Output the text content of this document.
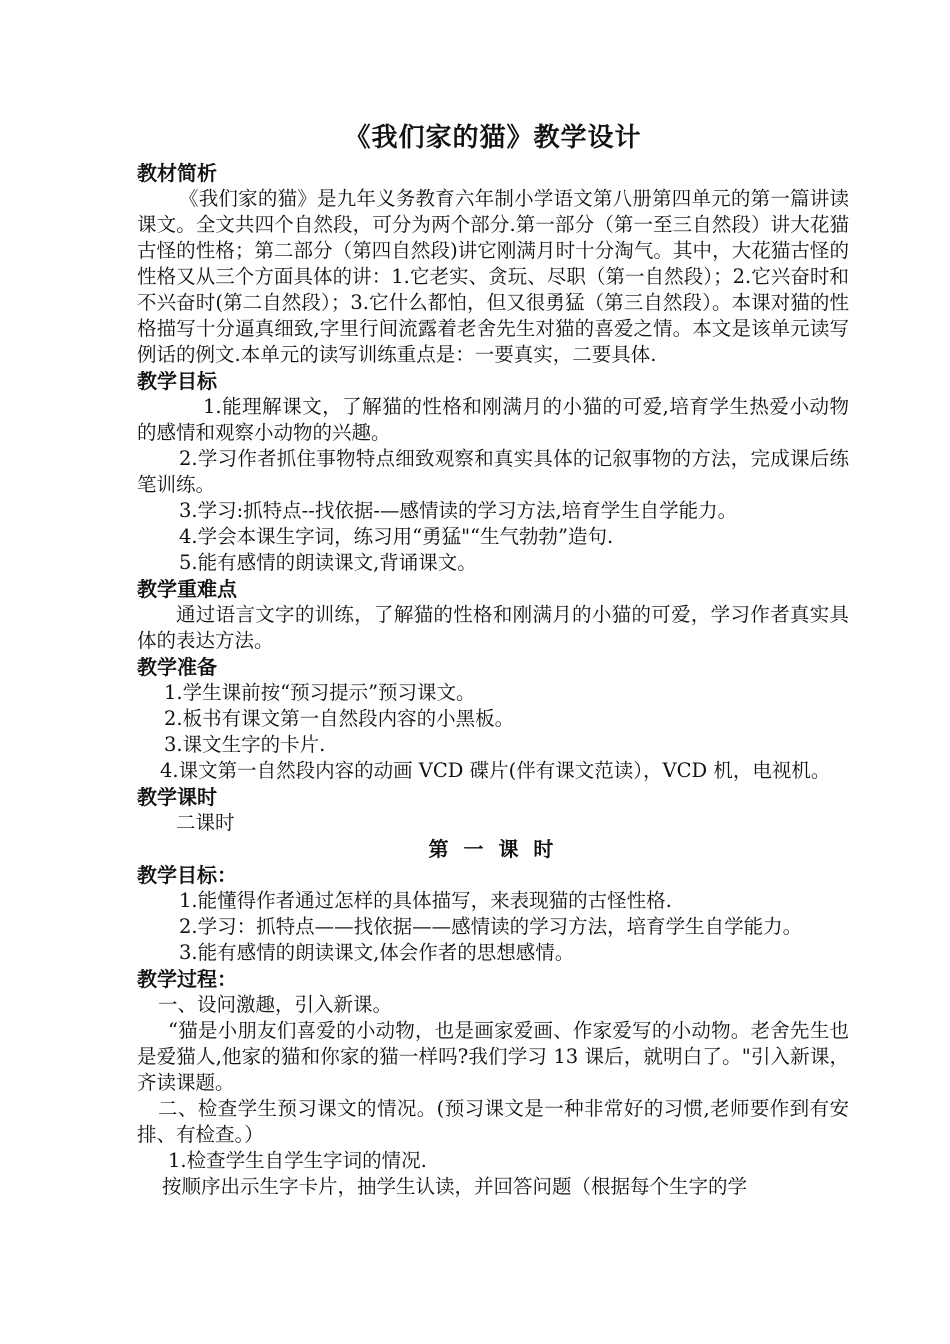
《我们家的猫》教学设计
教材简析
《我们家的猫》是九年义务教育六年制小学语文第八册第四单元的第一篇讲读课文。全文共四个自然段，可分为两个部分.第一部分（第一至三自然段）讲大花猫古怪的性格；第二部分（第四自然段)讲它刚满月时十分淘气。其中，大花猫古怪的性格又从三个方面具体的讲：1.它老实、贪玩、尽职（第一自然段）；2.它兴奋时和不兴奋时(第二自然段）；3.它什么都怕，但又很勇猛（第三自然段）。本课对猫的性格描写十分逼真细致,字里行间流露着老舍先生对猫的喜爱之情。本文是该单元读写例话的例文.本单元的读写训练重点是：一要真实，二要具体.
教学目标
1.能理解课文，了解猫的性格和刚满月的小猫的可爱,培育学生热爱小动物的感情和观察小动物的兴趣。
2.学习作者抓住事物特点细致观察和真实具体的记叙事物的方法，完成课后练笔训练。
3.学习:抓特点--找依据-—感情读的学习方法,培育学生自学能力。
4.学会本课生字词，练习用“勇猛"“生气勃勃”造句.
5.能有感情的朗读课文,背诵课文。
教学重难点
通过语言文字的训练，了解猫的性格和刚满月的小猫的可爱，学习作者真实具体的表达方法。
教学准备
1.学生课前按“预习提示”预习课文。
2.板书有课文第一自然段内容的小黑板。
3.课文生字的卡片.
4.课文第一自然段内容的动画 VCD 碟片(伴有课文范读），VCD 机，电视机。
教学课时
二课时
第 一 课 时
教学目标：
1.能懂得作者通过怎样的具体描写，来表现猫的古怪性格.
2.学习：抓特点——找依据——感情读的学习方法，培育学生自学能力。
3.能有感情的朗读课文,体会作者的思想感情。
教学过程：
一、设问激趣，引入新课。
“猫是小朋友们喜爱的小动物，也是画家爱画、作家爱写的小动物。老舍先生也是爱猫人,他家的猫和你家的猫一样吗?我们学习 13 课后，就明白了。"引入新课，齐读课题。
二、检查学生预习课文的情况。(预习课文是一种非常好的习惯,老师要作到有安排、有检查。）
1.检查学生自学生字词的情况.
按顺序出示生字卡片，抽学生认读，并回答问题（根据每个生字的学
